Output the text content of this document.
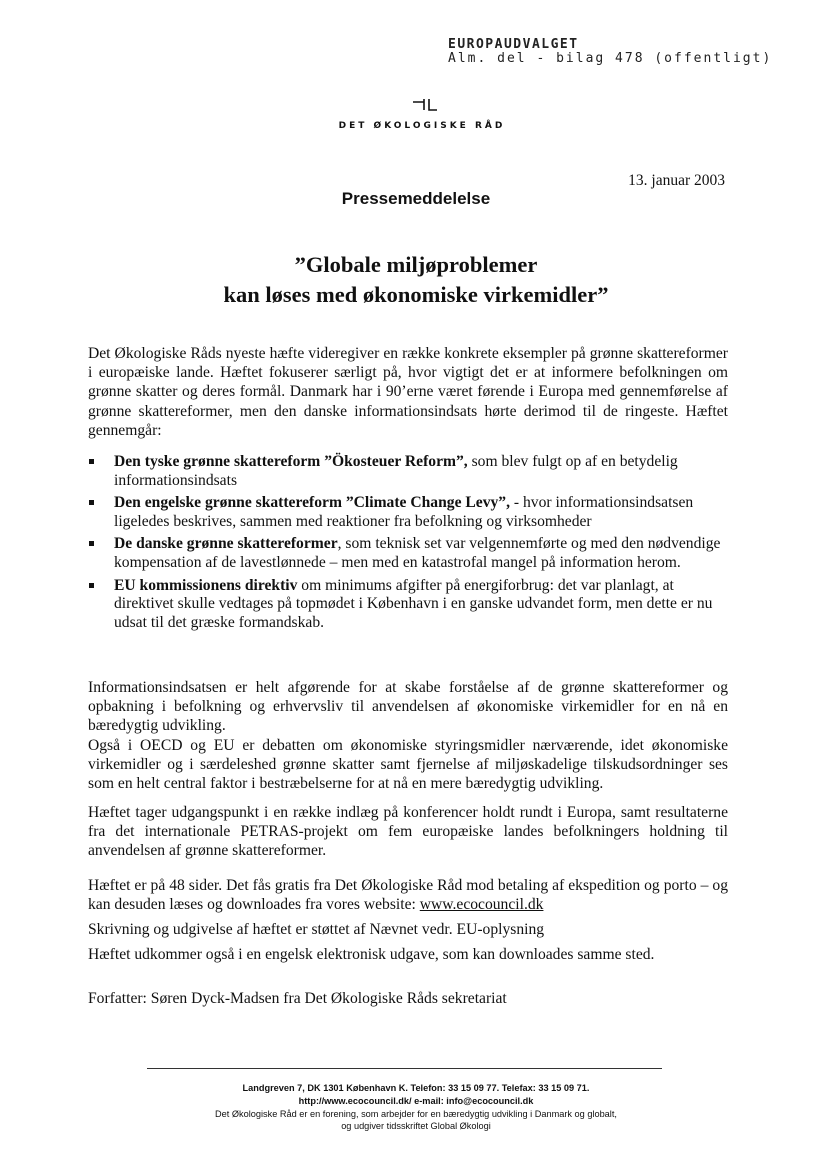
EUROPAUDVALGET
Alm. del - bilag 478 (offentligt)
DET ØKOLOGISKE RÅD
13. januar 2003
Pressemeddelelse
”Globale miljøproblemer
kan løses med økonomiske virkemidler”

Det Økologiske Råds nyeste hæfte videregiver en række konkrete eksempler på grønne skattereformer i europæiske lande. Hæftet fokuserer særligt på, hvor vigtigt det er at informere befolkningen om grønne skatter og deres formål. Danmark har i 90’erne været førende i Europa med gennemførelse af grønne skattereformer, men den danske informationsindsats hørte derimod til de ringeste. Hæftet gennemgår:

Den tyske grønne skattereform ”Ökosteuer Reform”, som blev fulgt op af en betydelig informationsindsats
Den engelske grønne skattereform ”Climate Change Levy”, - hvor informationsindsatsen ligeledes beskrives, sammen med reaktioner fra befolkning og virksomheder
De danske grønne skattereformer, som teknisk set var velgennemførte og med den nødvendige kompensation af de lavestlønnede – men med en katastrofal mangel på information herom.
EU kommissionens direktiv om minimums afgifter på energiforbrug: det var planlagt, at direktivet skulle vedtages på topmødet i København i en ganske udvandet form, men dette er nu udsat til det græske formandskab.

Informationsindsatsen er helt afgørende for at skabe forståelse af de grønne skattereformer og opbakning i befolkning og erhvervsliv til anvendelsen af økonomiske virkemidler for en nå en bæredygtig udvikling.

Også i OECD og EU er debatten om økonomiske styringsmidler nærværende, idet økonomiske virkemidler og i særdeleshed grønne skatter samt fjernelse af miljøskadelige tilskudsordninger ses som en helt central faktor i bestræbelserne for at nå en mere bæredygtig udvikling.

Hæftet tager udgangspunkt i en række indlæg på konferencer holdt rundt i Europa, samt resultaterne fra det internationale PETRAS-projekt om fem europæiske landes befolkningers holdning til anvendelsen af grønne skattereformer.

Hæftet er på 48 sider. Det fås gratis fra Det Økologiske Råd mod betaling af ekspedition og porto – og kan desuden læses og downloades fra vores website: www.ecocouncil.dk

Skrivning og udgivelse af hæftet er støttet af Nævnet vedr. EU-oplysning

Hæftet udkommer også i en engelsk elektronisk udgave, som kan downloades samme sted.

Forfatter: Søren Dyck-Madsen fra Det Økologiske Råds sekretariat

Landgreven 7, DK 1301 København K. Telefon: 33 15 09 77. Telefax: 33 15 09 71.
http://www.ecocouncil.dk/ e-mail: info@ecocouncil.dk
Det Økologiske Råd er en forening, som arbejder for en bæredygtig udvikling i Danmark og globalt,
og udgiver tidsskriftet Global Økologi
